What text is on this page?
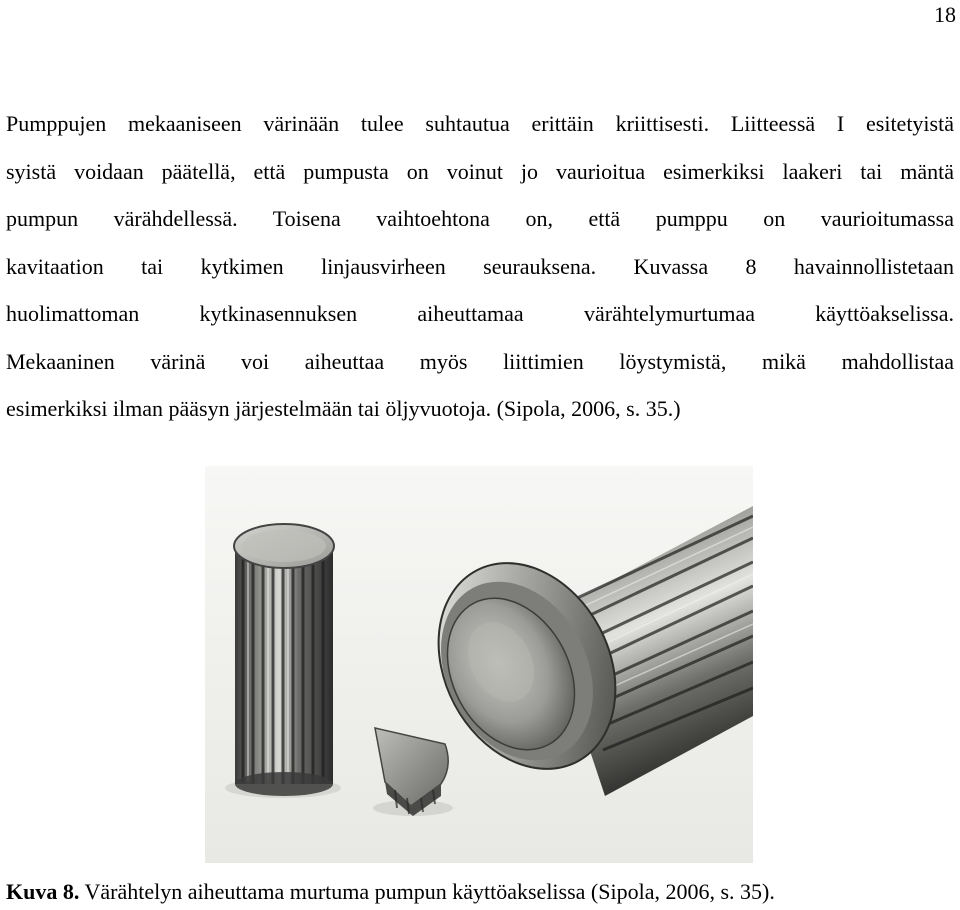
18
Pumppujen mekaaniseen värinään tulee suhtautua erittäin kriittisesti. Liitteessä I esitetyistä
syistä voidaan päätellä, että pumpusta on voinut jo vaurioitua esimerkiksi laakeri tai mäntä
pumpun värähdellessä. Toisena vaihtoehtona on, että pumppu on vaurioitumassa
kavitaation tai kytkimen linjausvirheen seurauksena. Kuvassa 8 havainnollistetaan
huolimattoman kytkinasennuksen aiheuttamaa värähtelymurtumaa käyttöakselissa.
Mekaaninen värinä voi aiheuttaa myös liittimien löystymistä, mikä mahdollistaa
esimerkiksi ilman pääsyn järjestelmään tai öljyvuotoja. (Sipola, 2006, s. 35.)
Kuva 8. Värähtelyn aiheuttama murtuma pumpun käyttöakselissa (Sipola, 2006, s. 35).
